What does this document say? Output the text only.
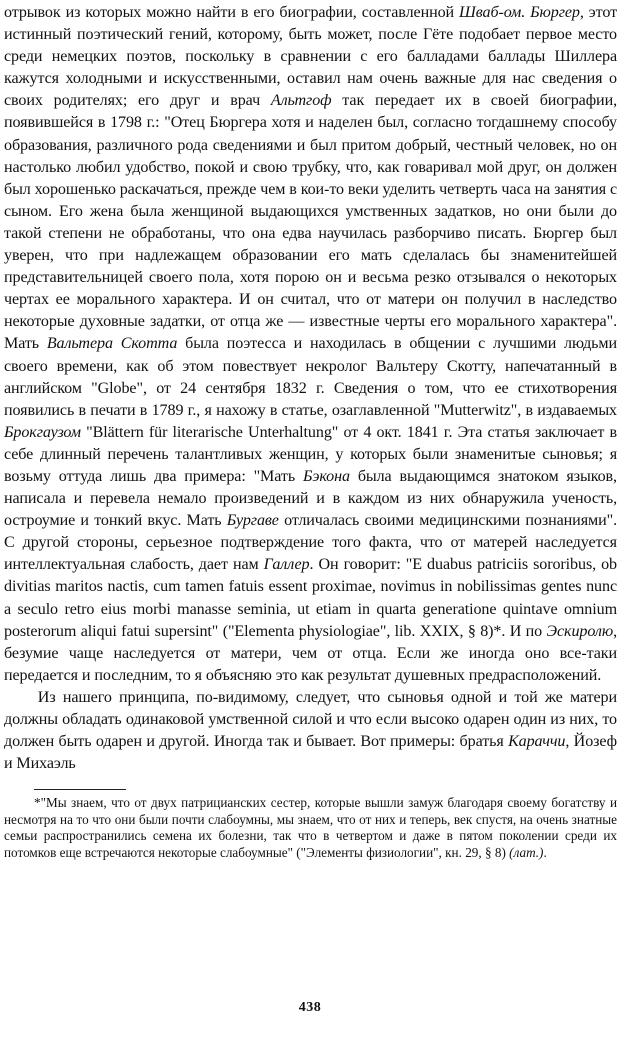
отрывок из которых можно найти в его биографии, составленной Шваб-ом. Бюргер, этот истинный поэтический гений, которому, быть может, после Гёте подобает первое место среди немецких поэтов, поскольку в сравнении с его балладами баллады Шиллера кажутся холодными и искусственными, оставил нам очень важные для нас сведения о своих родителях; его друг и врач Альтгоф так передает их в своей биографии, появившейся в 1798 г.: "Отец Бюргера хотя и наделен был, согласно тогдашнему способу образования, различного рода сведениями и был притом добрый, честный человек, но он настолько любил удобство, покой и свою трубку, что, как говаривал мой друг, он должен был хорошенько раскачаться, прежде чем в кои-то веки уделить четверть часа на занятия с сыном. Его жена была женщиной выдающихся умственных задатков, но они были до такой степени не обработаны, что она едва научилась разборчиво писать. Бюргер был уверен, что при надлежащем образовании его мать сделалась бы знаменитейшей представительницей своего пола, хотя порою он и весьма резко отзывался о некоторых чертах ее морального характера. И он считал, что от матери он получил в наследство некоторые духовные задатки, от отца же — известные черты его морального характера". Мать Вальтера Скотта была поэтесса и находилась в общении с лучшими людьми своего времени, как об этом повествует некролог Вальтеру Скотту, напечатанный в английском "Globe", от 24 сентября 1832 г. Сведения о том, что ее стихотворения появились в печати в 1789 г., я нахожу в статье, озаглавленной "Mutterwitz", в издаваемых Брокгаузом "Blättern für literarische Unterhaltung" от 4 окт. 1841 г. Эта статья заключает в себе длинный перечень талантливых женщин, у которых были знаменитые сыновья; я возьму оттуда лишь два примера: "Мать Бэкона была выдающимся знатоком языков, написала и перевела немало произведений и в каждом из них обнаружила ученость, остроумие и тонкий вкус. Мать Бургаве отличалась своими медицинскими познаниями". С другой стороны, серьезное подтверждение того факта, что от матерей наследуется интеллектуальная слабость, дает нам Галлер. Он говорит: "E duabus patriciis sororibus, ob divitias maritos nactis, cum tamen fatuis essent proximae, novimus in nobilissimas gentes nunc a seculo retro eius morbi manasse seminia, ut etiam in quarta generatione quintave omnium posterorum aliqui fatui supersint" ("Elementa physiologiae", lib. XXIX, § 8)*. И по Эскиролю, безумие чаще наследуется от матери, чем от отца. Если же иногда оно все-таки передается и последним, то я объясняю это как результат душевных предрасположений.

Из нашего принципа, по-видимому, следует, что сыновья одной и той же матери должны обладать одинаковой умственной силой и что если высоко одарен один из них, то должен быть одарен и другой. Иногда так и бывает. Вот примеры: братья Караччи, Йозеф и Михаэль

*"Мы знаем, что от двух патрицианских сестер, которые вышли замуж благодаря своему богатству и несмотря на то что они были почти слабоумны, мы знаем, что от них и теперь, век спустя, на очень знатные семьи распространились семена их болезни, так что в четвертом и даже в пятом поколении среди их потомков еще встречаются некоторые слабоумные" ("Элементы физиологии", кн. 29, § 8) (лат.).

438
